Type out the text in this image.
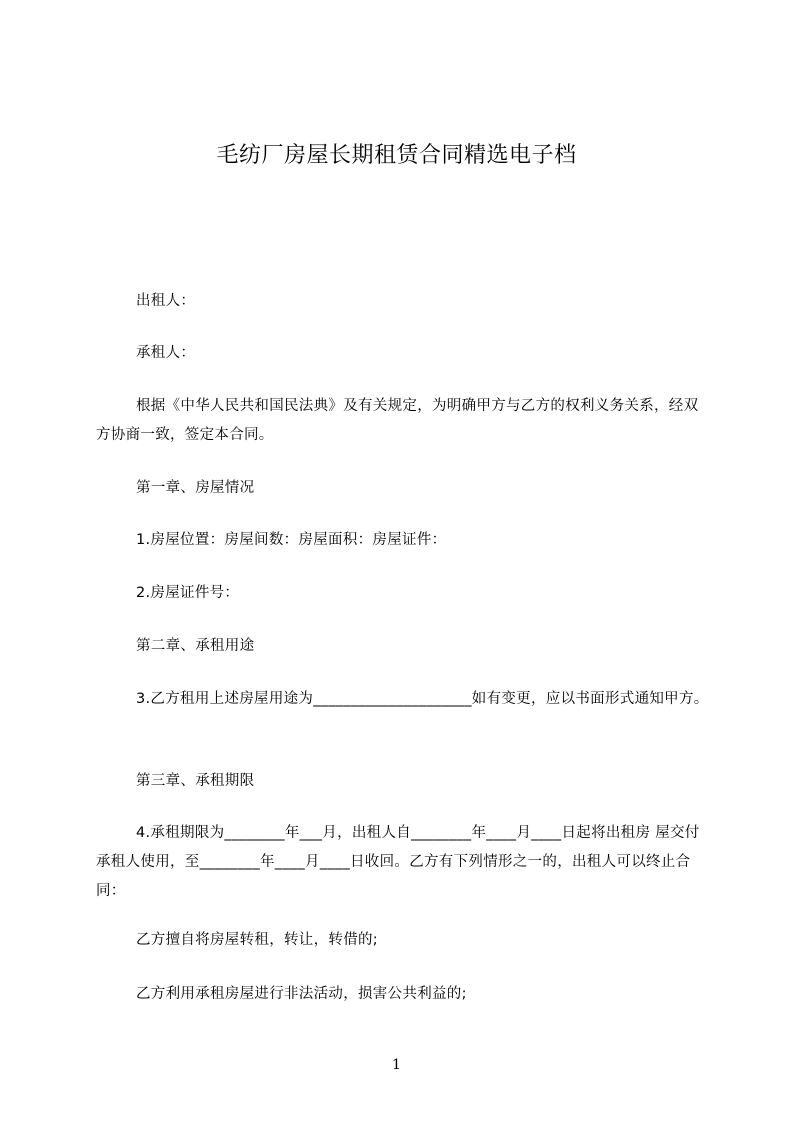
毛纺厂房屋长期租赁合同精选电子档

出租人：

承租人：

根据《中华人民共和国民法典》及有关规定，为明确甲方与乙方的权利义务关系，经双方协商一致，签定本合同。

第一章、房屋情况

1.房屋位置：房屋间数：房屋面积：房屋证件：

2.房屋证件号：

第二章、承租用途

3.乙方租用上述房屋用途为_____________________如有变更，应以书面形式通知甲方。

第三章、承租期限

4.承租期限为________年___月，出租人自________年____月____日起将出租房 屋交付承租人使用，至________年____月____日收回。乙方有下列情形之一的，出租人可以终止合同：

乙方擅自将房屋转租，转让，转借的;

乙方利用承租房屋进行非法活动，损害公共利益的;

1
